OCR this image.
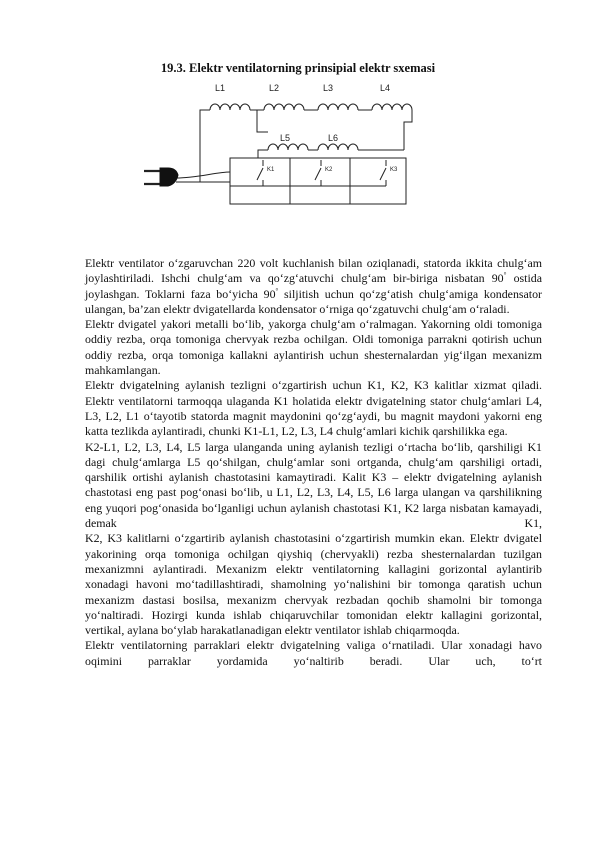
19.3. Elektr ventilatorning prinsipial elektr sxemasi
L1	L2	L3	L4
L5	L6
K1	K2	K3

Elektr ventilator o‘zgaruvchan 220 volt kuchlanish bilan oziqlanadi, statorda ikkita chulg‘am joylashtiriladi. Ishchi chulg‘am va qo‘zg‘atuvchi chulg‘am bir-biriga nisbatan 90° ostida joylashgan. Toklarni faza bo‘yicha 90° siljitish uchun qo‘zg‘atish chulg‘amiga kondensator ulangan, ba’zan elektr dvigatellarda kondensator o‘rniga qo‘zgatuvchi chulg‘am o‘raladi.

Elektr dvigatel yakori metalli bo‘lib, yakorga chulg‘am o‘ralmagan. Yakorning oldi tomoniga oddiy rezba, orqa tomoniga chervyak rezba ochilgan. Oldi tomoniga parrakni qotirish uchun oddiy rezba, orqa tomoniga kallakni aylantirish uchun shesternalardan yig‘ilgan mexanizm mahkamlangan.

Elektr dvigatelning aylanish tezligni o‘zgartirish uchun K1, K2, K3 kalitlar xizmat qiladi. Elektr ventilatorni tarmoqqa ulaganda K1 holatida elektr dvigatelning stator chulg‘amlari L4, L3, L2, L1 o‘tayotib statorda magnit maydonini qo‘zg‘aydi, bu magnit maydoni yakorni eng katta tezlikda aylantiradi, chunki K1-L1, L2, L3, L4 chulg‘amlari kichik qarshilikka ega.

K2-L1, L2, L3, L4, L5 larga ulanganda uning aylanish tezligi o‘rtacha bo‘lib, qarshiligi K1 dagi chulg‘amlarga L5 qo‘shilgan, chulg‘amlar soni ortganda, chulg‘am qarshiligi ortadi, qarshilik ortishi aylanish chastotasini kamaytiradi. Kalit K3 – elektr dvigatelning aylanish chastotasi eng past pog‘onasi bo‘lib, u L1, L2, L3, L4, L5, L6 larga ulangan va qarshilikning eng yuqori pog‘onasida bo‘lganligi uchun aylanish chastotasi K1, K2 larga nisbatan kamayadi, demak K1,

K2, K3 kalitlarni o‘zgartirib aylanish chastotasini o‘zgartirish mumkin ekan. Elektr dvigatel yakorining orqa tomoniga ochilgan qiyshiq (chervyakli) rezba shesternalardan tuzilgan mexanizmni aylantiradi. Mexanizm elektr ventilatorning kallagini gorizontal aylantirib xonadagi havoni mo‘tadillashtiradi, shamolning yo‘nalishini bir tomonga qaratish uchun mexanizm dastasi bosilsa, mexanizm chervyak rezbadan qochib shamolni bir tomonga yo‘naltiradi. Hozirgi kunda ishlab chiqaruvchilar tomonidan elektr kallagini gorizontal, vertikal, aylana bo‘ylab harakatlanadigan elektr ventilator ishlab chiqarmoqda.

Elektr ventilatorning parraklari elektr dvigatelning valiga o‘rnatiladi. Ular xonadagi havo oqimini parraklar yordamida yo‘naltirib beradi. Ular uch, to‘rt
